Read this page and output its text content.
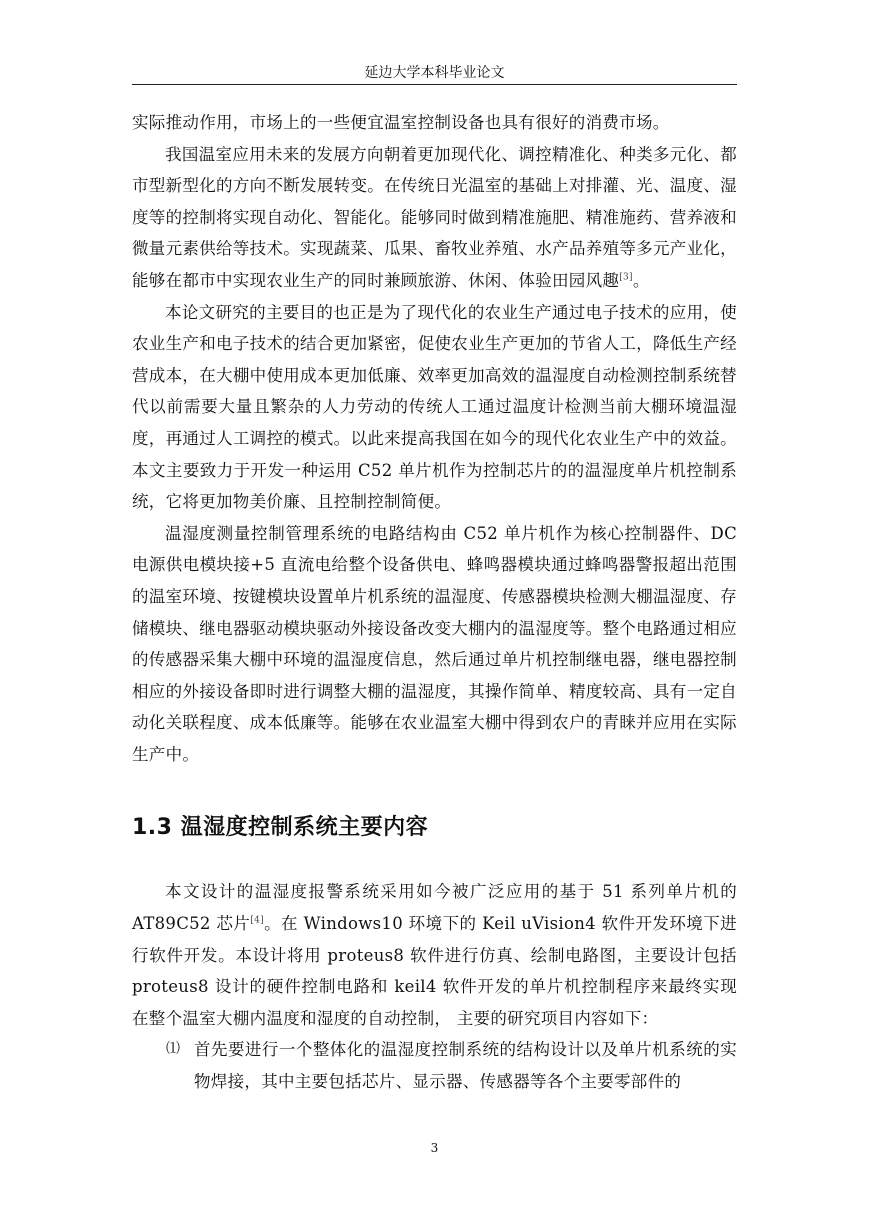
延边大学本科毕业论文

实际推动作用，市场上的一些便宜温室控制设备也具有很好的消费市场。

我国温室应用未来的发展方向朝着更加现代化、调控精准化、种类多元化、都市型新型化的方向不断发展转变。在传统日光温室的基础上对排灌、光、温度、湿度等的控制将实现自动化、智能化。能够同时做到精准施肥、精准施药、营养液和微量元素供给等技术。实现蔬菜、瓜果、畜牧业养殖、水产品养殖等多元产业化，能够在都市中实现农业生产的同时兼顾旅游、休闲、体验田园风趣[3]。

本论文研究的主要目的也正是为了现代化的农业生产通过电子技术的应用，使农业生产和电子技术的结合更加紧密，促使农业生产更加的节省人工，降低生产经营成本，在大棚中使用成本更加低廉、效率更加高效的温湿度自动检测控制系统替代以前需要大量且繁杂的人力劳动的传统人工通过温度计检测当前大棚环境温湿度，再通过人工调控的模式。以此来提高我国在如今的现代化农业生产中的效益。本文主要致力于开发一种运用 C52 单片机作为控制芯片的的温湿度单片机控制系统，它将更加物美价廉、且控制控制简便。

温湿度测量控制管理系统的电路结构由 C52 单片机作为核心控制器件、DC 电源供电模块接+5 直流电给整个设备供电、蜂鸣器模块通过蜂鸣器警报超出范围的温室环境、按键模块设置单片机系统的温湿度、传感器模块检测大棚温湿度、存储模块、继电器驱动模块驱动外接设备改变大棚内的温湿度等。整个电路通过相应的传感器采集大棚中环境的温湿度信息，然后通过单片机控制继电器，继电器控制相应的外接设备即时进行调整大棚的温湿度，其操作简单、精度较高、具有一定自动化关联程度、成本低廉等。能够在农业温室大棚中得到农户的青睐并应用在实际生产中。

1.3 温湿度控制系统主要内容

本文设计的温湿度报警系统采用如今被广泛应用的基于 51 系列单片机的 AT89C52 芯片[4]。在 Windows10 环境下的 Keil uVision4 软件开发环境下进行软件开发。本设计将用 proteus8 软件进行仿真、绘制电路图，主要设计包括 proteus8 设计的硬件控制电路和 keil4 软件开发的单片机控制程序来最终实现在整个温室大棚内温度和湿度的自动控制， 主要的研究项目内容如下：

⑴ 首先要进行一个整体化的温湿度控制系统的结构设计以及单片机系统的实物焊接，其中主要包括芯片、显示器、传感器等各个主要零部件的

3
